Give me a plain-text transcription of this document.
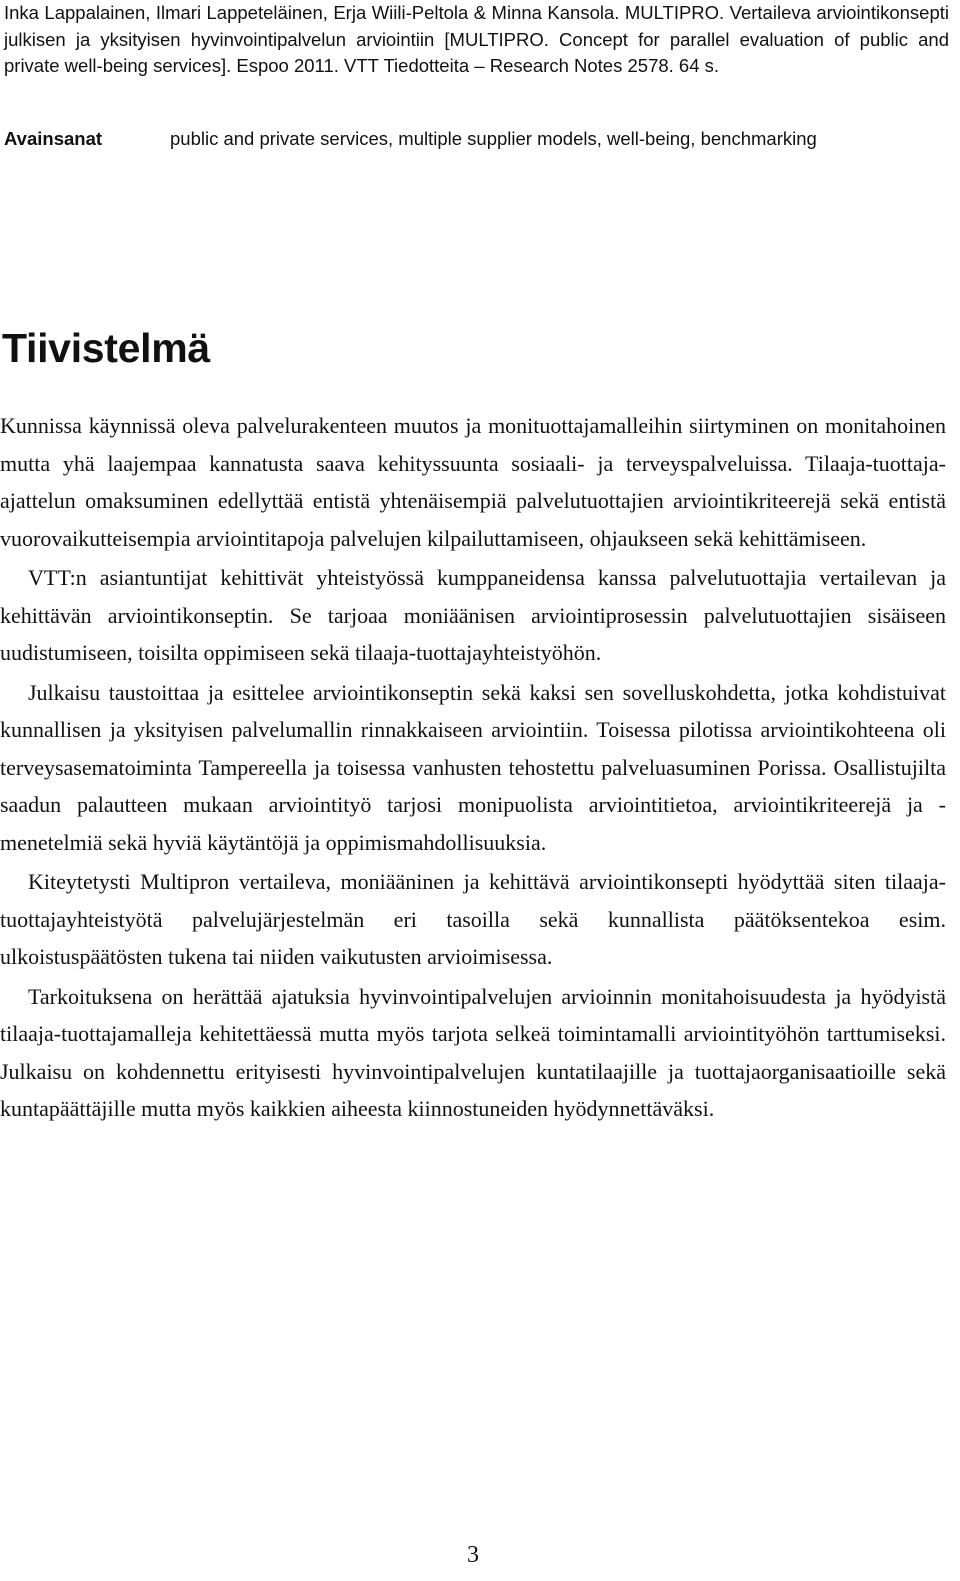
Inka Lappalainen, Ilmari Lappeteläinen, Erja Wiili-Peltola & Minna Kansola. MULTIPRO. Vertaileva arviointikonsepti julkisen ja yksityisen hyvinvointipalvelun arviointiin [MULTIPRO. Concept for parallel evaluation of public and private well-being services]. Espoo 2011. VTT Tiedotteita – Research Notes 2578. 64 s.

Avainsanat	public and private services, multiple supplier models, well-being, benchmarking
Tiivistelmä

Kunnissa käynnissä oleva palvelurakenteen muutos ja monituottajamalleihin siirtyminen on monitahoinen mutta yhä laajempaa kannatusta saava kehityssuunta sosiaali- ja terveyspalveluissa. Tilaaja-tuottaja-ajattelun omaksuminen edellyttää entistä yhtenäisempiä palvelutuottajien arviointikriteerejä sekä entistä vuorovaikutteisempia arviointitapoja palvelujen kilpailuttamiseen, ohjaukseen sekä kehittämiseen.

VTT:n asiantuntijat kehittivät yhteistyössä kumppaneidensa kanssa palvelutuottajia vertailevan ja kehittävän arviointikonseptin. Se tarjoaa moniäänisen arviointiprosessin palvelutuottajien sisäiseen uudistumiseen, toisilta oppimiseen sekä tilaaja-tuottajayhteistyöhön.

Julkaisu taustoittaa ja esittelee arviointikonseptin sekä kaksi sen sovelluskohdetta, jotka kohdistuivat kunnallisen ja yksityisen palvelumallin rinnakkaiseen arviointiin. Toisessa pilotissa arviointikohteena oli terveysasematoiminta Tampereella ja toisessa vanhusten tehostettu palveluasuminen Porissa. Osallistujilta saadun palautteen mukaan arviointityö tarjosi monipuolista arviointitietoa, arviointikriteerejä ja -menetelmiä sekä hyviä käytäntöjä ja oppimismahdollisuuksia.

Kiteytetysti Multipron vertaileva, moniääninen ja kehittävä arviointikonsepti hyödyttää siten tilaaja-tuottajayhteistyötä palvelujärjestelmän eri tasoilla sekä kunnallista päätöksentekoa esim. ulkoistuspäätösten tukena tai niiden vaikutusten arvioimisessa.

Tarkoituksena on herättää ajatuksia hyvinvointipalvelujen arvioinnin monitahoisuudesta ja hyödyistä tilaaja-tuottajamalleja kehitettäessä mutta myös tarjota selkeä toimintamalli arviointityöhön tarttumiseksi. Julkaisu on kohdennettu erityisesti hyvinvointipalvelujen kuntatilaajille ja tuottajaorganisaatioille sekä kuntapäättäjille mutta myös kaikkien aiheesta kiinnostuneiden hyödynnettäväksi.

3
